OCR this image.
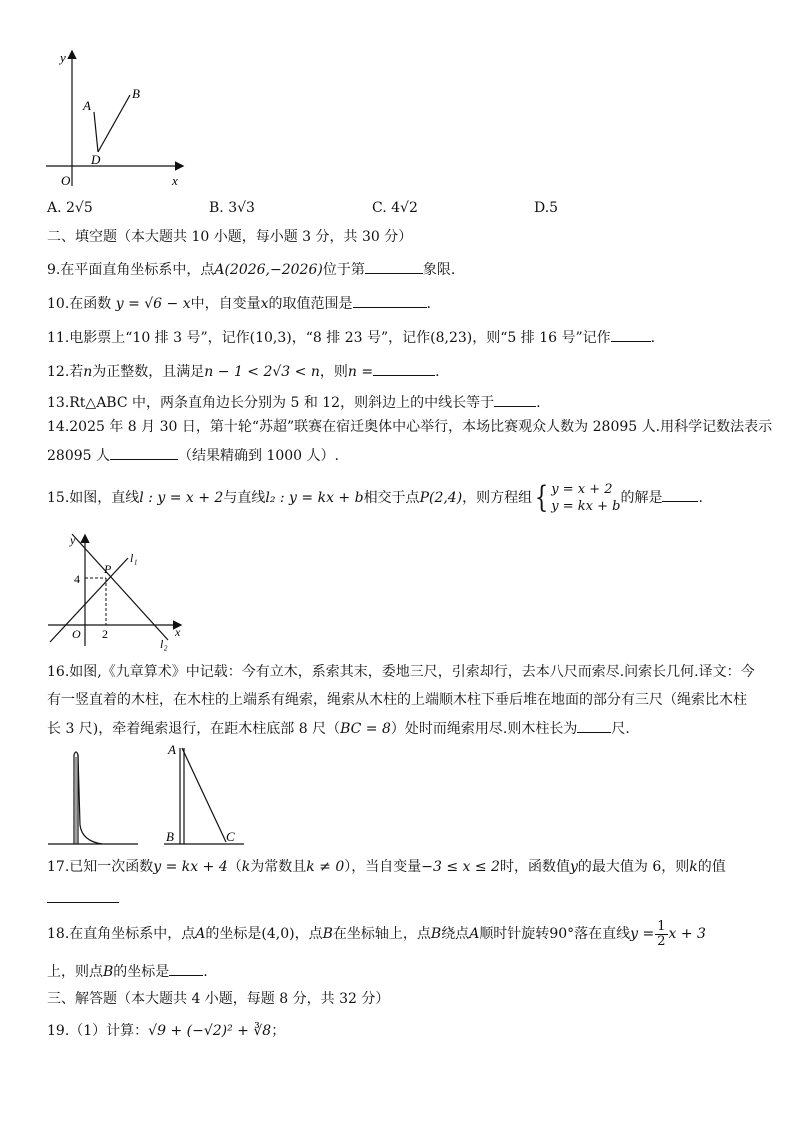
y
x
O
A
B
D
A. 2√5	B. 3√3	C. 4√2	D.5
二、填空题（本大题共 10 小题，每小题 3 分，共 30 分）
9.在平面直角坐标系中，点A(2026,−2026)位于第	象限.
10.在函数 y = √6 − x中，自变量x的取值范围是	.
11.电影票上“10 排 3 号”，记作(10,3)，“8 排 23 号”，记作(8,23)，则“5 排 16 号”记作	.
12.若n为正整数，且满足n − 1 < 2√3 < n，则n =	.
13.Rt△ABC 中，两条直角边长分别为 5 和 12，则斜边上的中线长等于	.
14.2025 年 8 月 30 日，第十轮“苏超”联赛在宿迁奥体中心举行，本场比赛观众人数为 28095 人.用科学记数法表示
28095 人	（结果精确到 1000 人）.
15.如图，直线l : y = x + 2与直线l₂ : y = kx + b相交于点P(2,4)，则方程组{ y = x + 2
y = kx + b
的解是	.
y
x
O
P
4
2
l₁
l₂
16.如图,《九章算术》中记载：今有立木，系索其末，委地三尺，引索却行，去本八尺而索尽.问索长几何.译文：今
有一竖直着的木柱，在木柱的上端系有绳索，绳索从木柱的上端顺木柱下垂后堆在地面的部分有三尺（绳索比木柱
长 3 尺)，牵着绳索退行，在距木柱底部 8 尺（BC = 8）处时而绳索用尽.则木柱长为 尺.
A
B	C
17.已知一次函数y = kx + 4（k为常数且k ≠ 0），当自变量−3 ≤ x ≤ 2时，函数值y的最大值为 6，则k的值
18.在直角坐标系中，点A的坐标是(4,0)，点B在坐标轴上，点B绕点A顺时针旋转90°落在直线$y = \frac{1}{2}$ x + 3
上，则点B的坐标是 .
三、解答题（本大题共 4 小题，每题 8 分，共 32 分）
19.（1）计算：√9 + (−√2)² + ∛8；
